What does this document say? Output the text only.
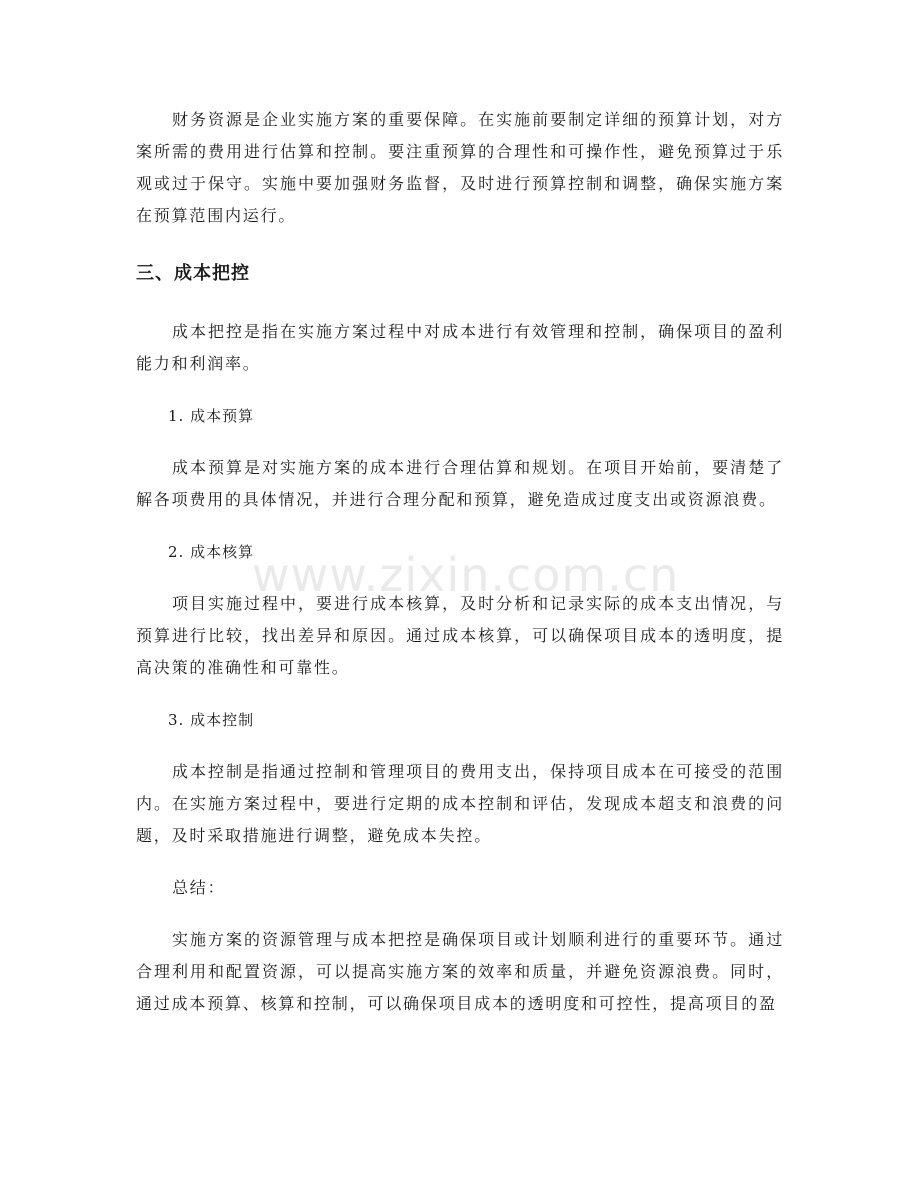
财务资源是企业实施方案的重要保障。在实施前要制定详细的预算计划，对方案所需的费用进行估算和控制。要注重预算的合理性和可操作性，避免预算过于乐观或过于保守。实施中要加强财务监督，及时进行预算控制和调整，确保实施方案在预算范围内运行。

三、成本把控

成本把控是指在实施方案过程中对成本进行有效管理和控制，确保项目的盈利能力和利润率。

1. 成本预算

成本预算是对实施方案的成本进行合理估算和规划。在项目开始前，要清楚了解各项费用的具体情况，并进行合理分配和预算，避免造成过度支出或资源浪费。

2. 成本核算

项目实施过程中，要进行成本核算，及时分析和记录实际的成本支出情况，与预算进行比较，找出差异和原因。通过成本核算，可以确保项目成本的透明度，提高决策的准确性和可靠性。

3. 成本控制

成本控制是指通过控制和管理项目的费用支出，保持项目成本在可接受的范围内。在实施方案过程中，要进行定期的成本控制和评估，发现成本超支和浪费的问题，及时采取措施进行调整，避免成本失控。

总结：

实施方案的资源管理与成本把控是确保项目或计划顺利进行的重要环节。通过合理利用和配置资源，可以提高实施方案的效率和质量，并避免资源浪费。同时，通过成本预算、核算和控制，可以确保项目成本的透明度和可控性，提高项目的盈

www.zixin.com.cn
